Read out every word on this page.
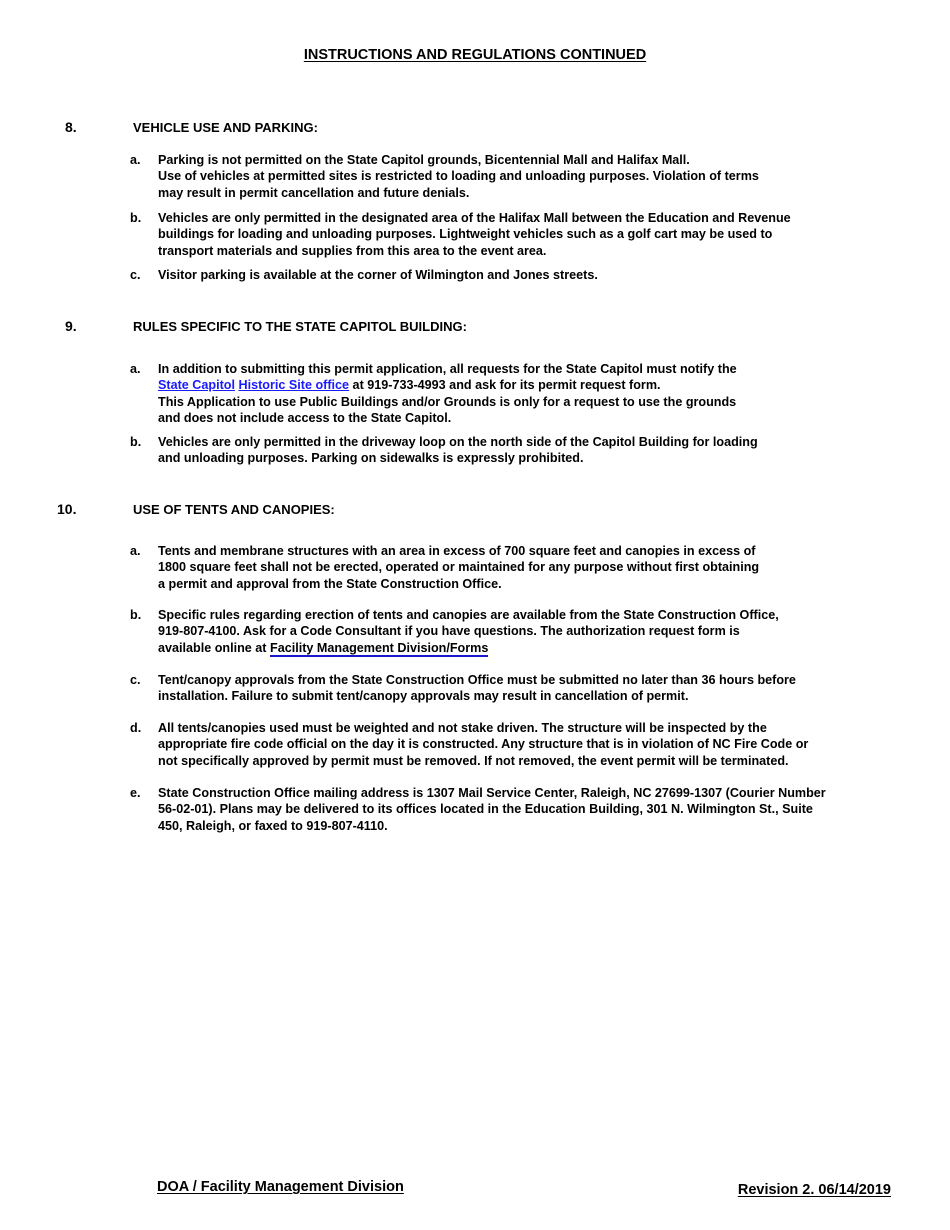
INSTRUCTIONS AND REGULATIONS CONTINUED
8.	VEHICLE USE AND PARKING:
a. Parking is not permitted on the State Capitol grounds, Bicentennial Mall and Halifax Mall.
Use of vehicles at permitted sites is restricted to loading and unloading purposes. Violation of terms
may result in permit cancellation and future denials.
b. Vehicles are only permitted in the designated area of the Halifax Mall between the Education and Revenue
buildings for loading and unloading purposes. Lightweight vehicles such as a golf cart may be used to
transport materials and supplies from this area to the event area.
c. Visitor parking is available at the corner of Wilmington and Jones streets.
9.	RULES SPECIFIC TO THE STATE CAPITOL BUILDING:
a. In addition to submitting this permit application, all requests for the State Capitol must notify the
State Capitol Historic Site office at 919-733-4993 and ask for its permit request form.
This Application to use Public Buildings and/or Grounds is only for a request to use the grounds
and does not include access to the State Capitol.
b. Vehicles are only permitted in the driveway loop on the north side of the Capitol Building for loading
and unloading purposes. Parking on sidewalks is expressly prohibited.
10.	USE OF TENTS AND CANOPIES:
a. Tents and membrane structures with an area in excess of 700 square feet and canopies in excess of
1800 square feet shall not be erected, operated or maintained for any purpose without first obtaining
a permit and approval from the State Construction Office.
b. Specific rules regarding erection of tents and canopies are available from the State Construction Office,
919-807-4100. Ask for a Code Consultant if you have questions. The authorization request form is
available online at Facility Management Division/Forms
c. Tent/canopy approvals from the State Construction Office must be submitted no later than 36 hours before
installation. Failure to submit tent/canopy approvals may result in cancellation of permit.
d. All tents/canopies used must be weighted and not stake driven. The structure will be inspected by the
appropriate fire code official on the day it is constructed. Any structure that is in violation of NC Fire Code or
not specifically approved by permit must be removed. If not removed, the event permit will be terminated.
e. State Construction Office mailing address is 1307 Mail Service Center, Raleigh, NC 27699-1307 (Courier Number
56-02-01). Plans may be delivered to its offices located in the Education Building, 301 N. Wilmington St., Suite
450, Raleigh, or faxed to 919-807-4110.
DOA / Facility Management Division	Revision 2. 06/14/2019
